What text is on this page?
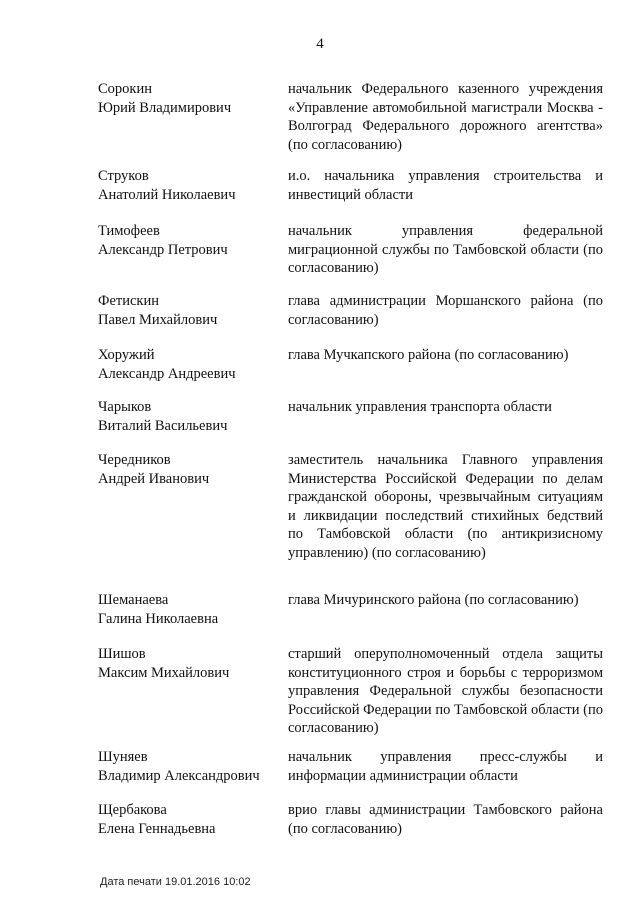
4
Сорокин
Юрий Владимирович
начальник Федерального казенного учреждения «Управление автомобильной магистрали Москва - Волгоград Федерального дорожного агентства» (по согласованию)
Струков
Анатолий Николаевич
и.о. начальника управления строительства и инвестиций области
Тимофеев
Александр Петрович
начальник управления федеральной миграционной службы по Тамбовской области (по согласованию)
Фетискин
Павел Михайлович
глава администрации Моршанского района (по согласованию)
Хоружий
Александр Андреевич
глава Мучкапского района (по согласованию)
Чарыков
Виталий Васильевич
начальник управления транспорта области
Чередников
Андрей Иванович
заместитель начальника Главного управления Министерства Российской Федерации по делам гражданской обороны, чрезвычайным ситуациям и ликвидации последствий стихийных бедствий по Тамбовской области (по антикризисному управлению) (по согласованию)
Шеманаева
Галина Николаевна
глава Мичуринского района (по согласованию)
Шишов
Максим Михайлович
старший оперуполномоченный отдела защиты конституционного строя и борьбы с терроризмом управления Федеральной службы безопасности Российской Федерации по Тамбовской области (по согласованию)
Шуняев
Владимир Александрович
начальник управления пресс-службы и информации администрации области
Щербакова
Елена Геннадьевна
врио главы администрации Тамбовского района (по согласованию)
Дата печати 19.01.2016 10:02
